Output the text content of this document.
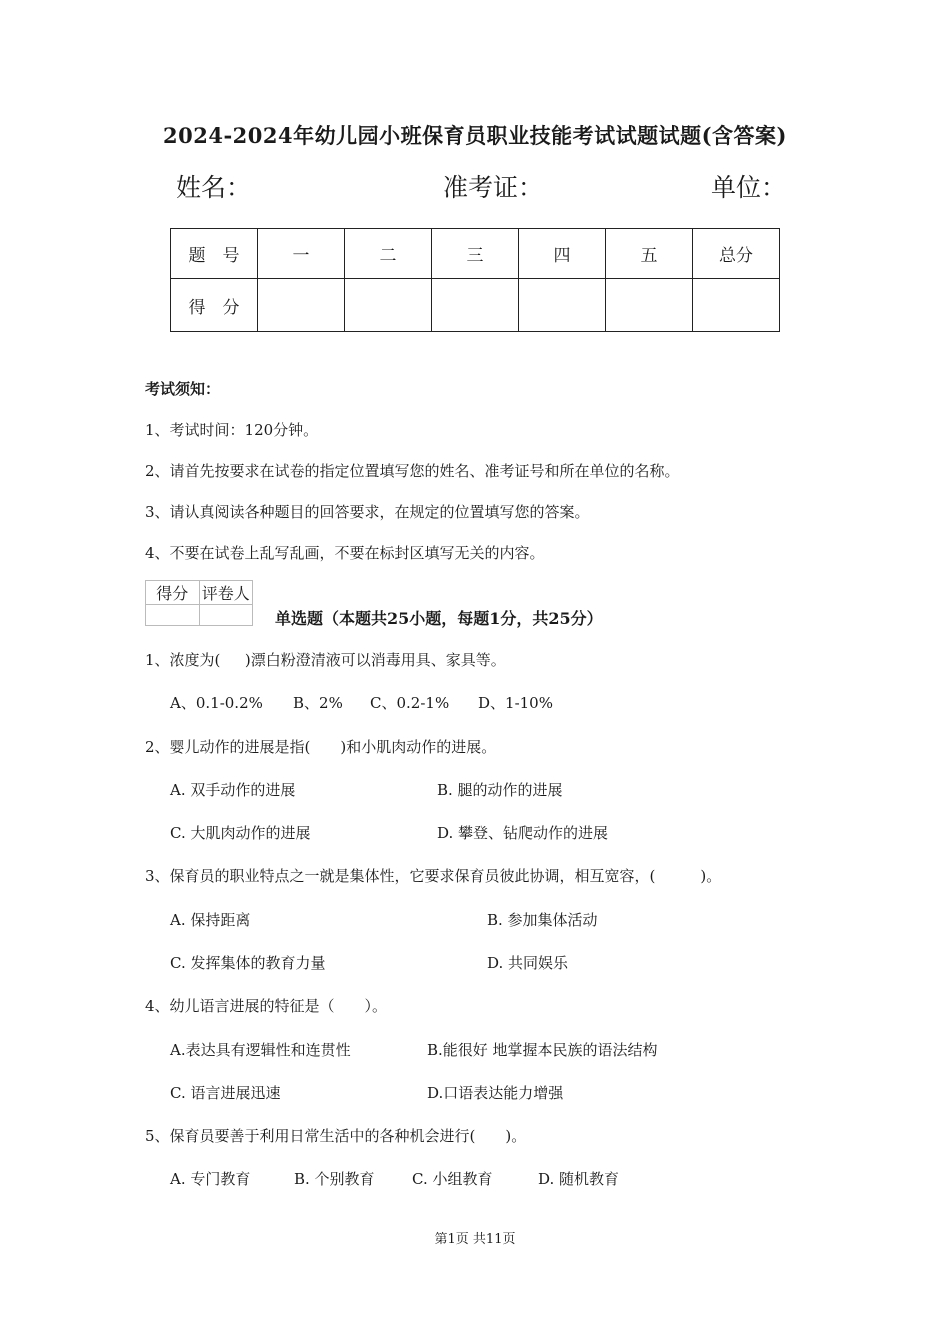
2024-2024年幼儿园小班保育员职业技能考试试题试题(含答案)
姓名：	准考证：	单位：
题　号	一	二	三	四	五	总分
得　分						
考试须知：
1、考试时间：120分钟。
2、请首先按要求在试卷的指定位置填写您的姓名、准考证号和所在单位的名称。
3、请认真阅读各种题目的回答要求，在规定的位置填写您的答案。
4、不要在试卷上乱写乱画，不要在标封区填写无关的内容。
得分	评卷人

单选题（本题共25小题，每题1分，共25分）
1、浓度为(　  )漂白粉澄清液可以消毒用具、家具等。
A、0.1-0.2% B、2% C、0.2-1% D、1-10%
2、婴儿动作的进展是指(　　)和小肌肉动作的进展。
A. 双手动作的进展	B. 腿的动作的进展
C. 大肌肉动作的进展	D. 攀登、钻爬动作的进展
3、保育员的职业特点之一就是集体性，它要求保育员彼此协调，相互宽容，(　　　)。
A. 保持距离	B. 参加集体活动
C. 发挥集体的教育力量	D. 共同娱乐
4、幼儿语言进展的特征是（　　）。
A.表达具有逻辑性和连贯性	B.能很好 地掌握本民族的语法结构
C. 语言进展迅速	D.口语表达能力增强
5、保育员要善于利用日常生活中的各种机会进行(　　)。
A. 专门教育	B. 个别教育 C. 小组教育	D. 随机教育
第1页 共11页
